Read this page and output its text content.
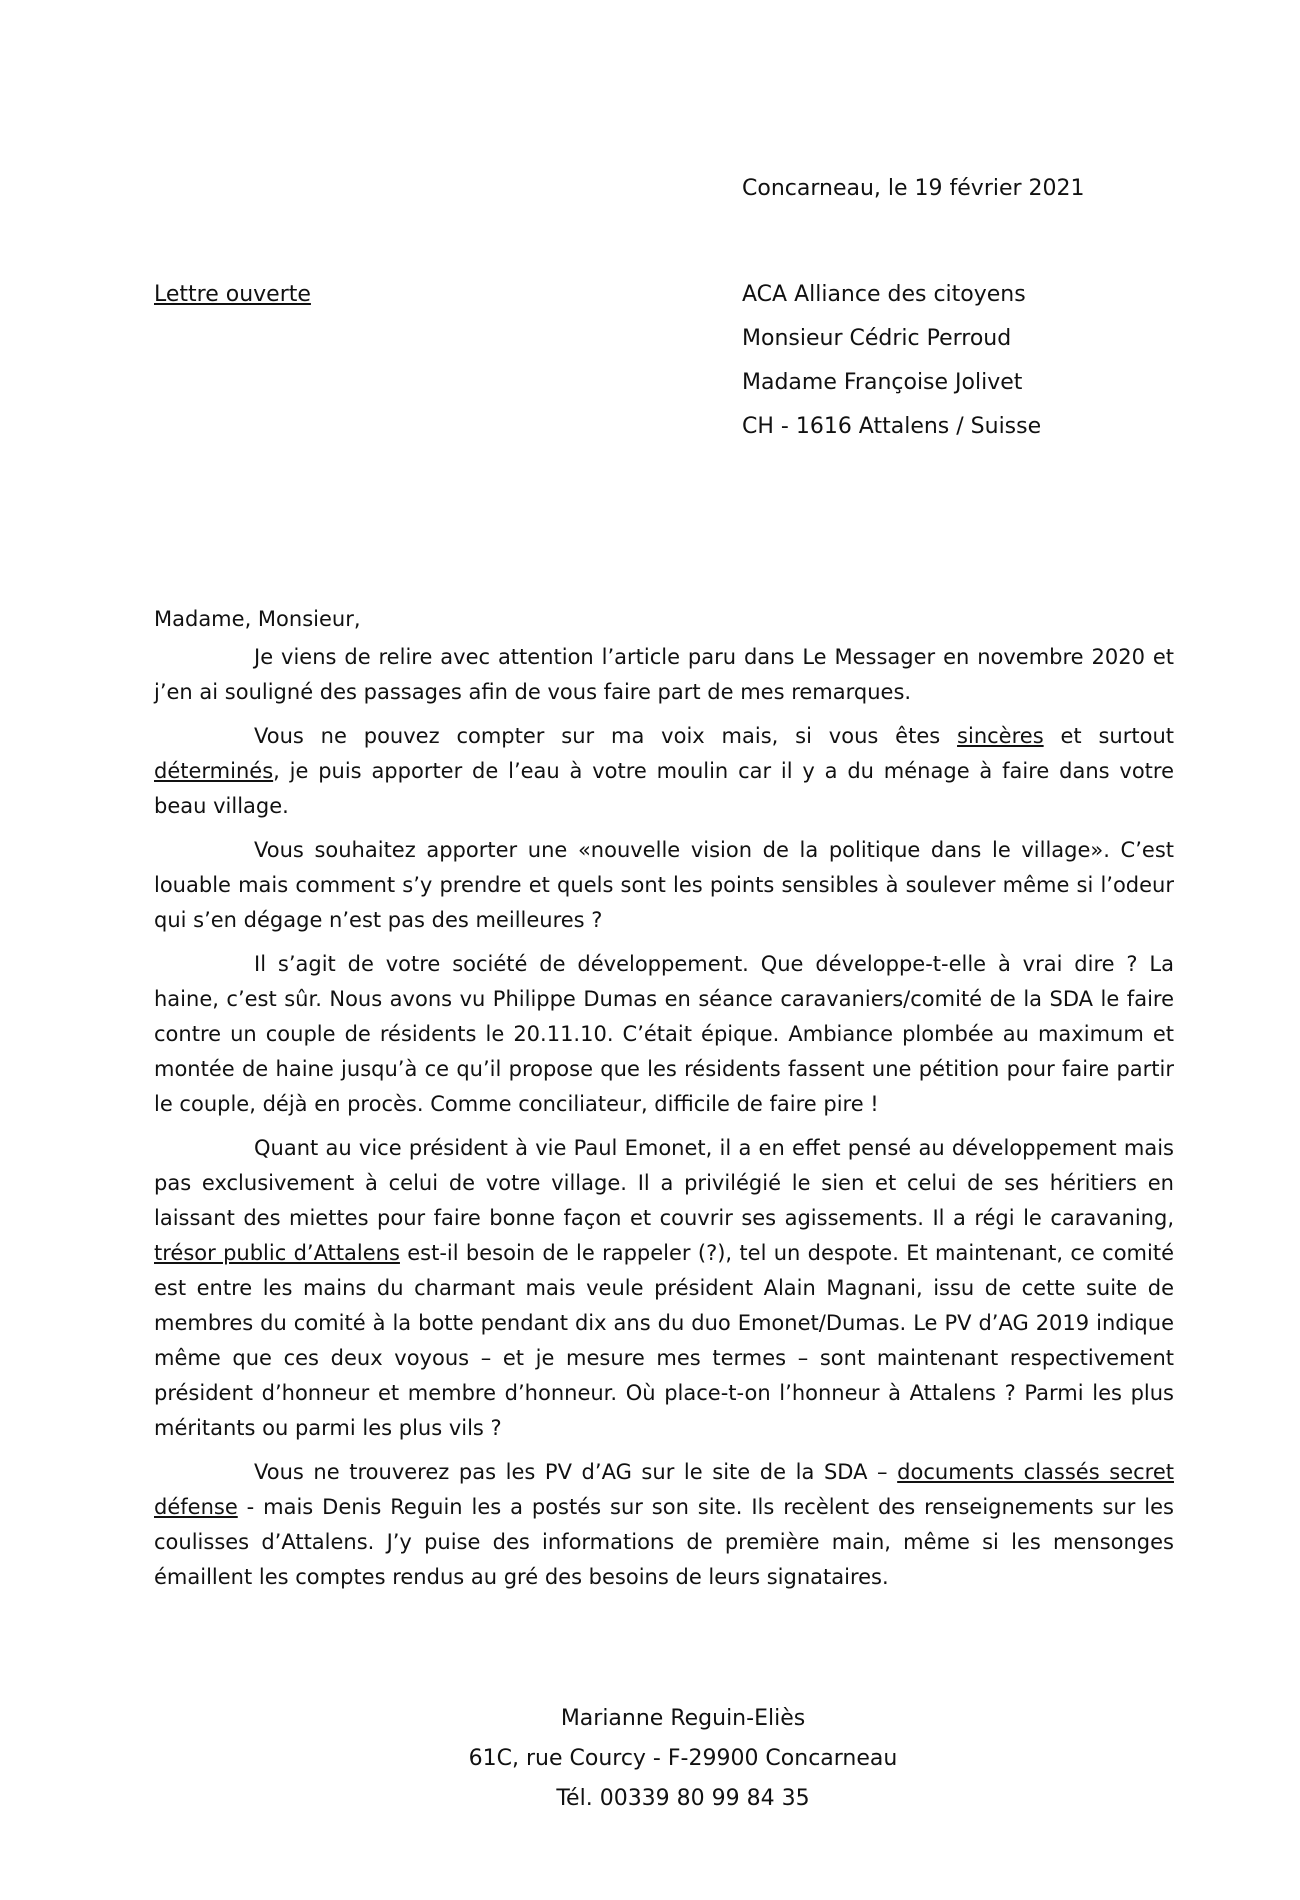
Concarneau, le 19 février 2021
Lettre ouverte	ACA Alliance des citoyens
Monsieur Cédric Perroud
Madame Françoise Jolivet
CH - 1616 Attalens / Suisse

Madame, Monsieur,

Je viens de relire avec attention l’article paru dans Le Messager en novembre 2020 et j’en ai souligné des passages afin de vous faire part de mes remarques.

Vous ne pouvez compter sur ma voix mais, si vous êtes sincères et surtout déterminés, je puis apporter de l’eau à votre moulin car il y a du ménage à faire dans votre beau village.

Vous souhaitez apporter une «nouvelle vision de la politique dans le village». C’est louable mais comment s’y prendre et quels sont les points sensibles à soulever même si l’odeur qui s’en dégage n’est pas des meilleures ?

Il s’agit de votre société de développement. Que développe-t-elle à vrai dire ? La haine, c’est sûr. Nous avons vu Philippe Dumas en séance caravaniers/comité de la SDA le faire contre un couple de résidents le 20.11.10. C’était épique. Ambiance plombée au maximum et montée de haine jusqu’à ce qu’il propose que les résidents fassent une pétition pour faire partir le couple, déjà en procès. Comme conciliateur, difficile de faire pire !

Quant au vice président à vie Paul Emonet, il a en effet pensé au développement mais pas exclusivement à celui de votre village. Il a privilégié le sien et celui de ses héritiers en laissant des miettes pour faire bonne façon et couvrir ses agissements. Il a régi le caravaning, trésor public d’Attalens est-il besoin de le rappeler (?), tel un despote. Et maintenant, ce comité est entre les mains du charmant mais veule président Alain Magnani, issu de cette suite de membres du comité à la botte pendant dix ans du duo Emonet/Dumas. Le PV d’AG 2019 indique même que ces deux voyous – et je mesure mes termes – sont maintenant respectivement président d’honneur et membre d’honneur. Où place-t-on l’honneur à Attalens ? Parmi les plus méritants ou parmi les plus vils ?

Vous ne trouverez pas les PV d’AG sur le site de la SDA – documents classés secret défense - mais Denis Reguin les a postés sur son site. Ils recèlent des renseignements sur les coulisses d’Attalens. J’y puise des informations de première main, même si les mensonges émaillent les comptes rendus au gré des besoins de leurs signataires.

Marianne Reguin-Eliès
61C, rue Courcy - F-29900 Concarneau
Tél. 00339 80 99 84 35
